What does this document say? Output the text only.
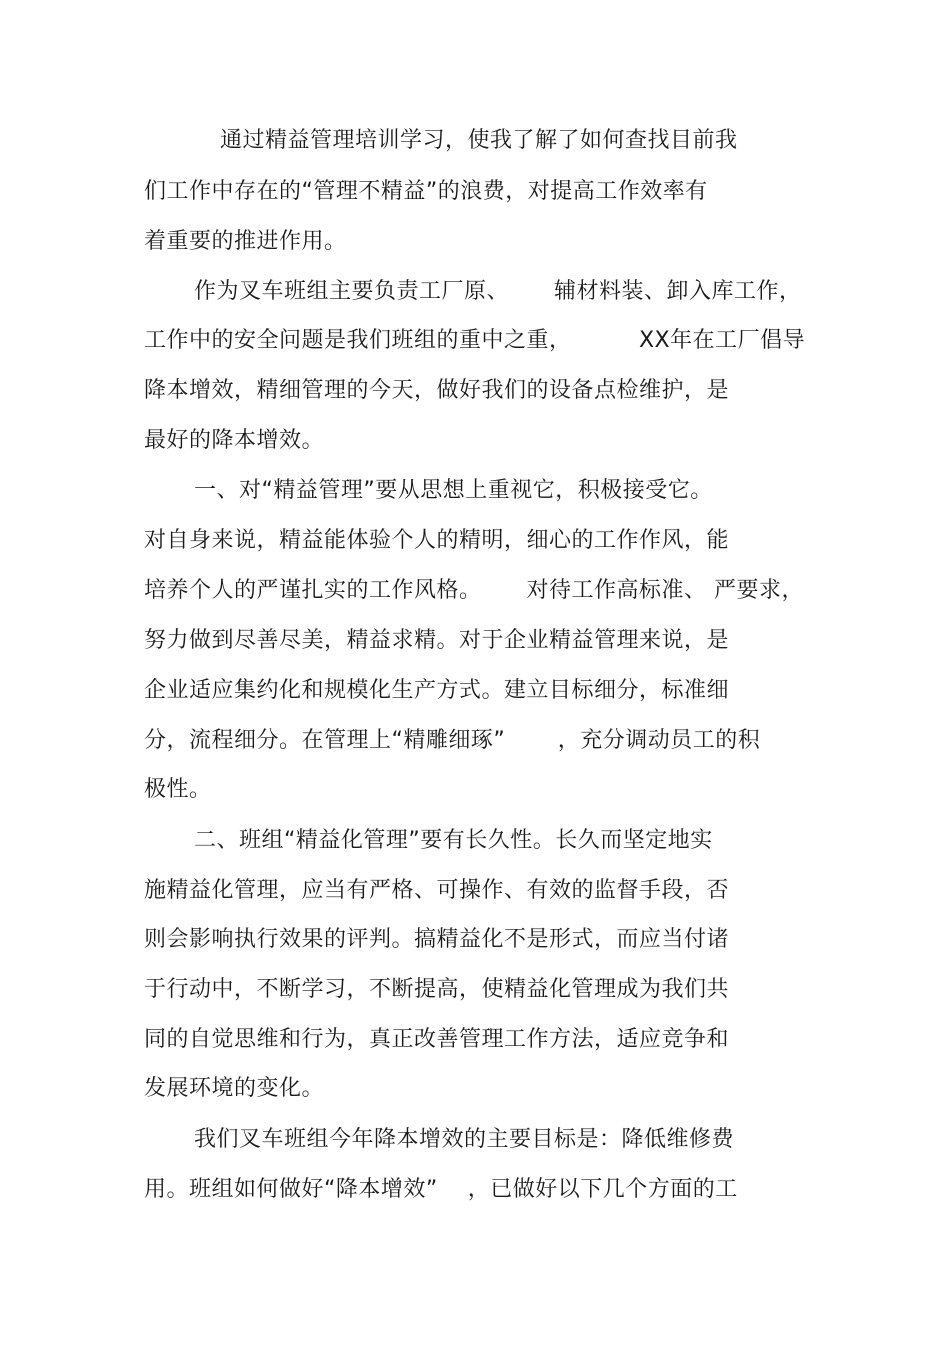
通过精益管理培训学习，使我了解了如何查找目前我
们工作中存在的“管理不精益”的浪费，对提高工作效率有
着重要的推进作用。
作为叉车班组主要负责工厂原、      辅材料装、卸入库工作，
工作中的安全问题是我们班组的重中之重，         XX年在工厂倡导
降本增效，精细管理的今天，做好我们的设备点检维护，是
最好的降本增效。
一、对“精益管理”要从思想上重视它，积极接受它。
对自身来说，精益能体验个人的精明，细心的工作作风，能
培养个人的严谨扎实的工作风格。      对待工作高标准、 严要求，
努力做到尽善尽美，精益求精。对于企业精益管理来说，是
企业适应集约化和规模化生产方式。建立目标细分，标准细
分，流程细分。在管理上“精雕细琢”       ，充分调动员工的积
极性。
二、班组“精益化管理”要有长久性。长久而坚定地实
施精益化管理，应当有严格、可操作、有效的监督手段，否
则会影响执行效果的评判。搞精益化不是形式，而应当付诸
于行动中，不断学习，不断提高，使精益化管理成为我们共
同的自觉思维和行为，真正改善管理工作方法，适应竞争和
发展环境的变化。
我们叉车班组今年降本增效的主要目标是：降低维修费
用。班组如何做好“降本增效”    ，已做好以下几个方面的工
